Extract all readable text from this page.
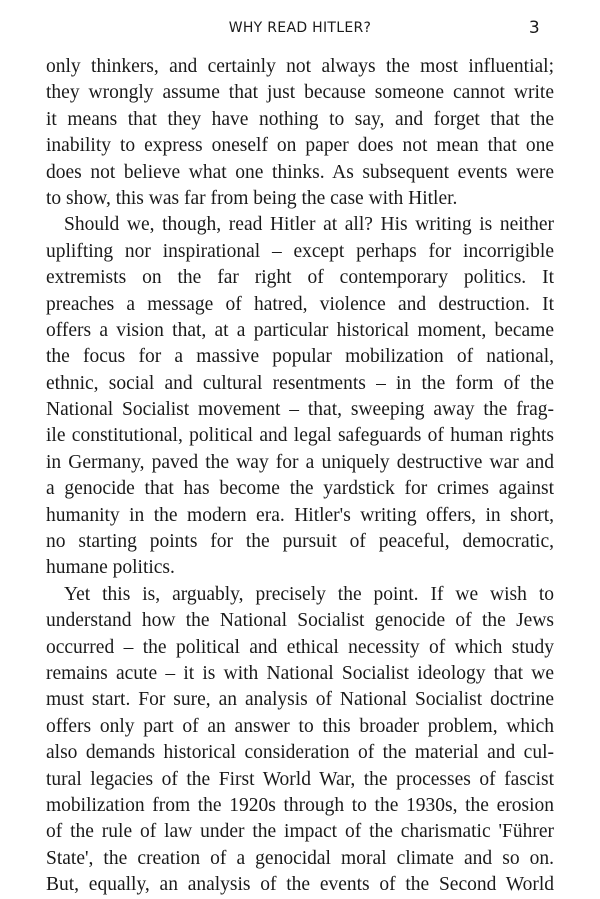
WHY READ HITLER?	3
only thinkers, and certainly not always the most influential;
they wrongly assume that just because someone cannot write
it means that they have nothing to say, and forget that the
inability to express oneself on paper does not mean that one
does not believe what one thinks. As subsequent events were
to show, this was far from being the case with Hitler.
Should we, though, read Hitler at all? His writing is neither
uplifting nor inspirational – except perhaps for incorrigible
extremists on the far right of contemporary politics. It
preaches a message of hatred, violence and destruction. It
offers a vision that, at a particular historical moment, became
the focus for a massive popular mobilization of national,
ethnic, social and cultural resentments – in the form of the
National Socialist movement – that, sweeping away the frag-
ile constitutional, political and legal safeguards of human rights
in Germany, paved the way for a uniquely destructive war and
a genocide that has become the yardstick for crimes against
humanity in the modern era. Hitler's writing offers, in short,
no starting points for the pursuit of peaceful, democratic,
humane politics.
Yet this is, arguably, precisely the point. If we wish to
understand how the National Socialist genocide of the Jews
occurred – the political and ethical necessity of which study
remains acute – it is with National Socialist ideology that we
must start. For sure, an analysis of National Socialist doctrine
offers only part of an answer to this broader problem, which
also demands historical consideration of the material and cul-
tural legacies of the First World War, the processes of fascist
mobilization from the 1920s through to the 1930s, the erosion
of the rule of law under the impact of the charismatic 'Führer
State', the creation of a genocidal moral climate and so on.
But, equally, an analysis of the events of the Second World
